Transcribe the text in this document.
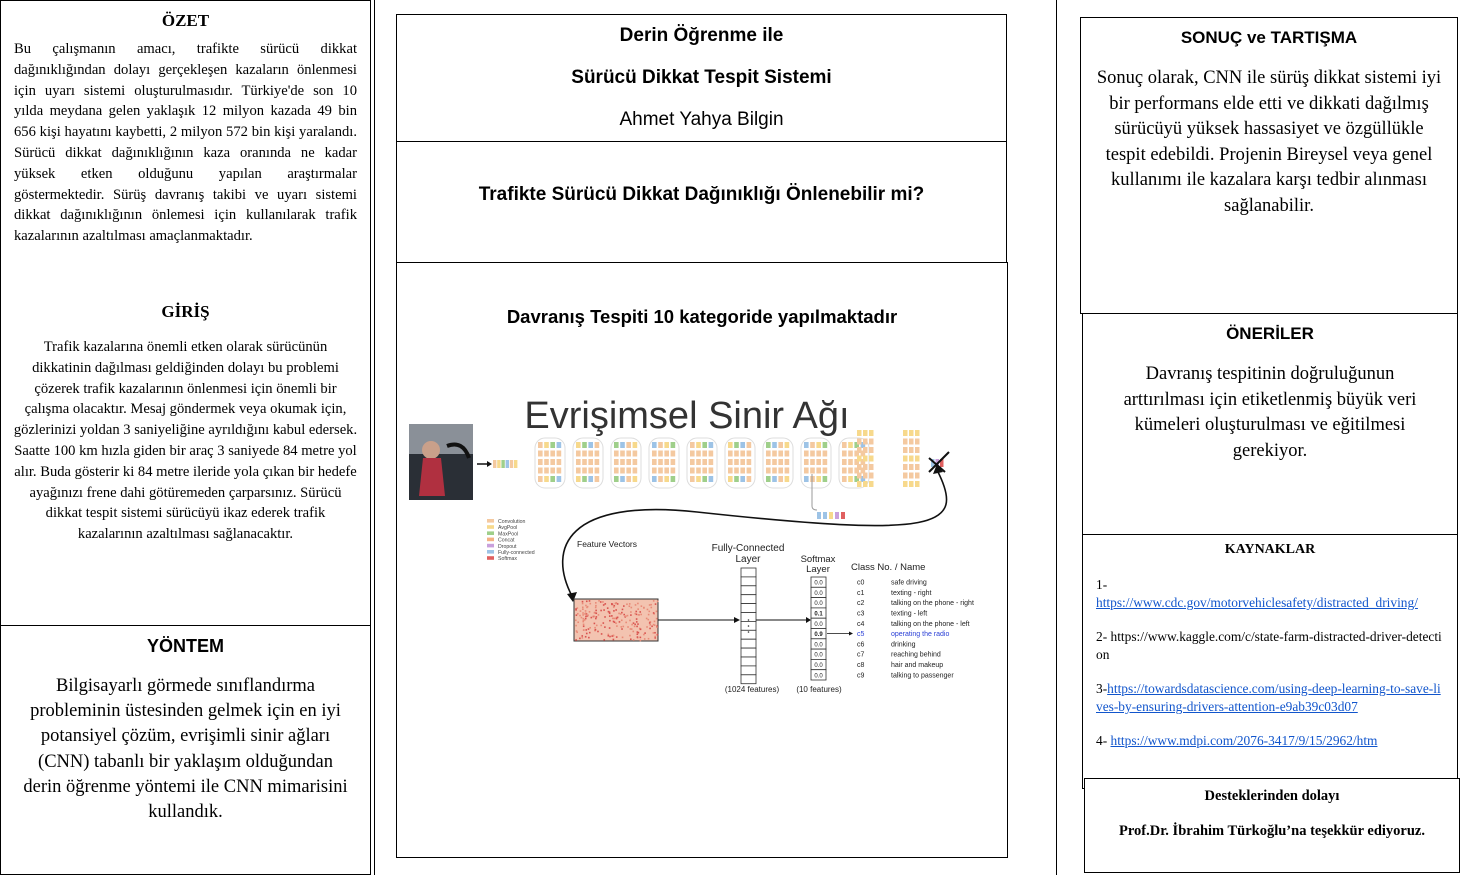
ÖZET
Bu çalışmanın amacı, trafikte sürücü dikkat dağınıklığından dolayı gerçekleşen kazaların önlenmesi için uyarı sistemi oluşturulmasıdır. Türkiye'de son 10 yılda meydana gelen yaklaşık 12 milyon kazada 49 bin 656 kişi hayatını kaybetti, 2 milyon 572 bin kişi yaralandı. Sürücü dikkat dağınıklığının kaza oranında ne kadar yüksek etken olduğunu yapılan araştırmalar göstermektedir. Sürüş davranış takibi ve uyarı sistemi dikkat dağınıklığının önlemesi için kullanılarak trafik kazalarının azaltılması amaçlanmaktadır.
GİRİŞ
Trafik kazalarına önemli etken olarak sürücünün dikkatinin dağılması geldiğinden dolayı bu problemi çözerek trafik kazalarının önlenmesi için önemli bir çalışma olacaktır. Mesaj göndermek veya okumak için, gözlerinizi yoldan 3 saniyeliğine ayrıldığını kabul edersek. Saatte 100 km hızla giden bir araç 3 saniyede 84 metre yol alır. Buda gösterir ki 84 metre ileride yola çıkan bir hedefe ayağınızı frene dahi götüremeden çarparsınız. Sürücü dikkat tespit sistemi sürücüyü ikaz ederek trafik kazalarının azaltılması sağlanacaktır.
YÖNTEM
Bilgisayarlı görmede sınıflandırma probleminin üstesinden gelmek için en iyi potansiyel çözüm, evrişimli sinir ağları (CNN) tabanlı bir yaklaşım olduğundan derin öğrenme yöntemi ile CNN mimarisini kullandık.
Derin Öğrenme ile
Sürücü Dikkat Tespit Sistemi
Ahmet Yahya Bilgin
Trafikte Sürücü Dikkat Dağınıklığı Önlenebilir mi?
Davranış Tespiti 10 kategoride yapılmaktadır
Evrişimsel Sinir Ağı
Convolution
AvgPool
MaxPool
Concat
Dropout
Fully-connected
Softmax
Feature Vectors	Fully-Connected
Layer
(1024 features)
Softmax
Layer
0.0
0.0
0.0
0.1
0.0
0.9
0.0
0.0
0.0
0.0
(10 features)
Class No. / Name
c0	safe driving
c1	texting - right
c2	talking on the phone - right
c3	texting - left
c4	talking on the phone - left
c5	operating the radio
c6	drinking
c7	reaching behind
c8	hair and makeup
c9	talking to passenger
SONUÇ ve TARTIŞMA
Sonuç olarak, CNN ile sürüş dikkat sistemi iyi bir performans elde etti ve dikkati dağılmış sürücüyü yüksek hassasiyet ve özgüllükle tespit edebildi. Projenin Bireysel veya genel kullanımı ile kazalara karşı tedbir alınması sağlanabilir.
ÖNERİLER
Davranış tespitinin doğruluğunun arttırılması için etiketlenmiş büyük veri kümeleri oluşturulması ve eğitilmesi gerekiyor.
KAYNAKLAR
1-
https://www.cdc.gov/motorvehiclesafety/distracted_driving/
2- https://www.kaggle.com/c/state-farm-distracted-driver-detection
3-https://towardsdatascience.com/using-deep-learning-to-save-lives-by-ensuring-drivers-attention-e9ab39c03d07
4- https://www.mdpi.com/2076-3417/9/15/2962/htm
Desteklerinden dolayı
Prof.Dr. İbrahim Türkoğlu’na teşekkür ediyoruz.
